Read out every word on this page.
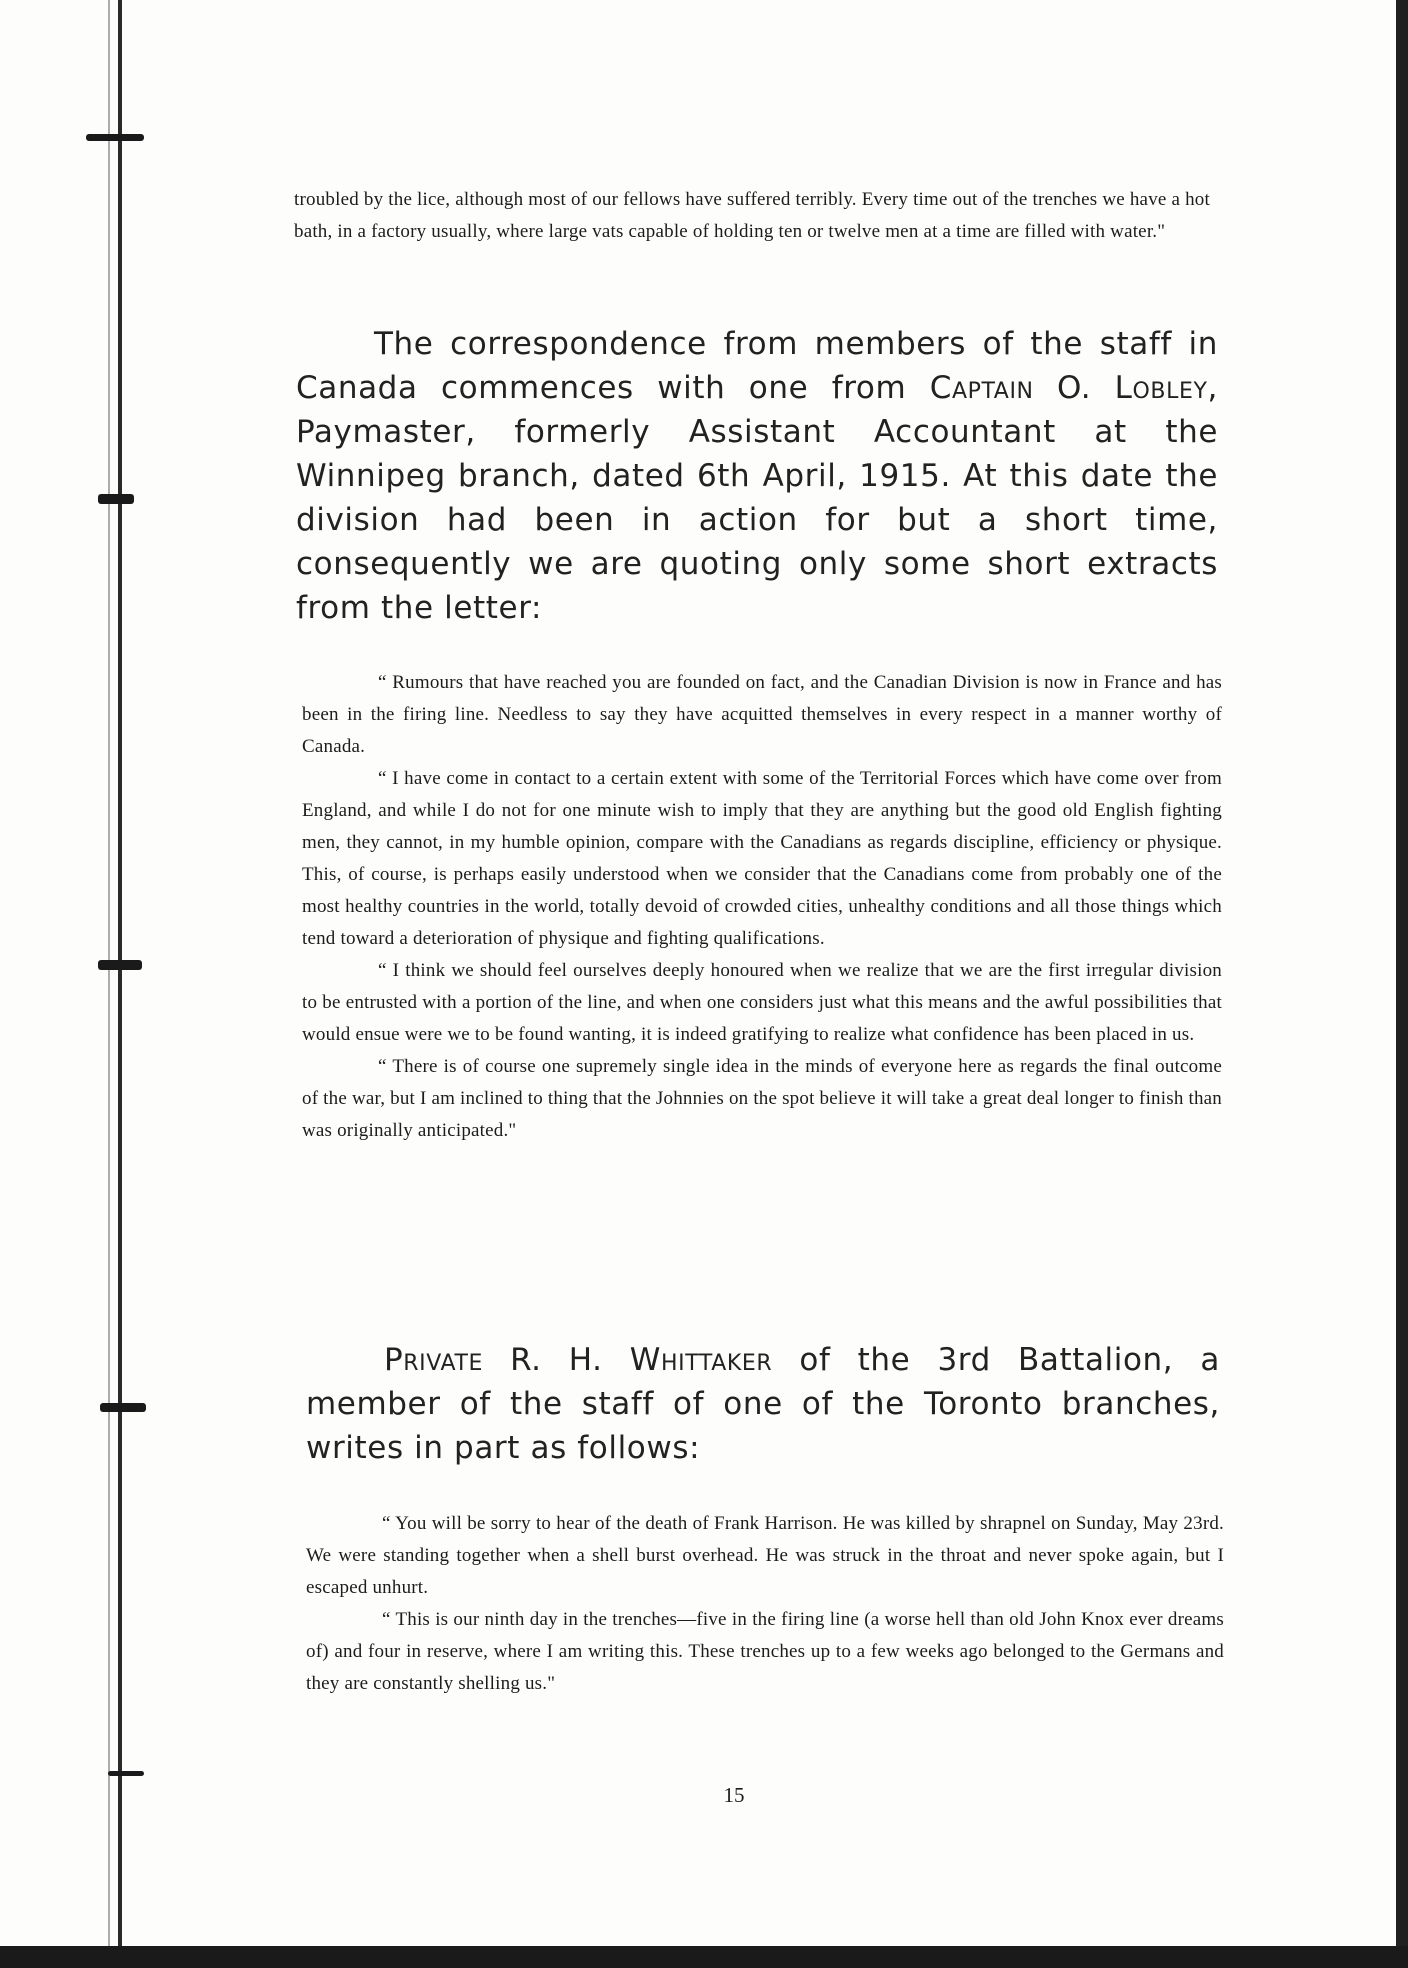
troubled by the lice, although most of our fellows have suffered terribly. Every time out of the trenches we have a hot bath, in a factory usually, where large vats capable of holding ten or twelve men at a time are filled with water."

The correspondence from members of the staff in Canada commences with one from Captain O. Lobley, Paymaster, formerly Assistant Accountant at the Winnipeg branch, dated 6th April, 1915. At this date the division had been in action for but a short time, consequently we are quoting only some short extracts from the letter:

“ Rumours that have reached you are founded on fact, and the Canadian Division is now in France and has been in the firing line. Needless to say they have acquitted themselves in every respect in a manner worthy of Canada.

“ I have come in contact to a certain extent with some of the Territorial Forces which have come over from England, and while I do not for one minute wish to imply that they are anything but the good old English fighting men, they cannot, in my humble opinion, compare with the Canadians as regards discipline, efficiency or physique. This, of course, is perhaps easily understood when we consider that the Canadians come from probably one of the most healthy countries in the world, totally devoid of crowded cities, unhealthy conditions and all those things which tend toward a deterioration of physique and fighting qualifications.

“ I think we should feel ourselves deeply honoured when we realize that we are the first irregular division to be entrusted with a portion of the line, and when one considers just what this means and the awful possibilities that would ensue were we to be found wanting, it is indeed gratifying to realize what confidence has been placed in us.

“ There is of course one supremely single idea in the minds of everyone here as regards the final outcome of the war, but I am inclined to thing that the Johnnies on the spot believe it will take a great deal longer to finish than was originally anticipated."

Private R. H. Whittaker of the 3rd Battalion, a member of the staff of one of the Toronto branches, writes in part as follows:

“ You will be sorry to hear of the death of Frank Harrison. He was killed by shrapnel on Sunday, May 23rd. We were standing together when a shell burst overhead. He was struck in the throat and never spoke again, but I escaped unhurt.

“ This is our ninth day in the trenches—five in the firing line (a worse hell than old John Knox ever dreams of) and four in reserve, where I am writing this. These trenches up to a few weeks ago belonged to the Germans and they are constantly shelling us."

15
